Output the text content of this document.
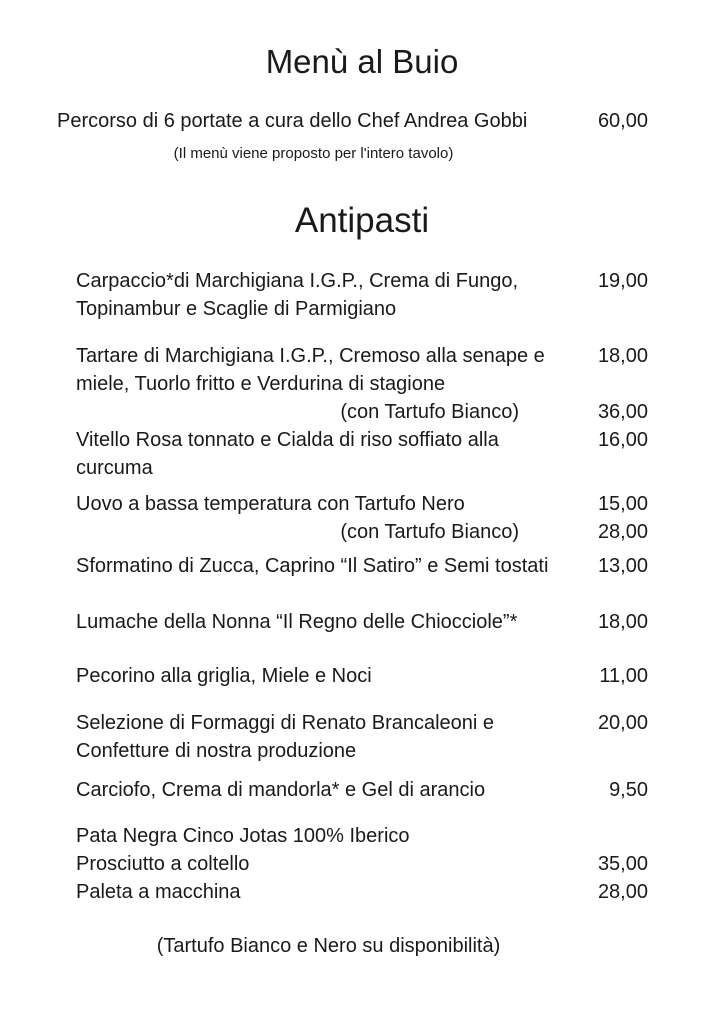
Menù al Buio
Percorso di 6 portate a cura dello Chef Andrea Gobbi	60,00
(Il menù viene proposto per l'intero tavolo)
Antipasti
Carpaccio*di Marchigiana I.G.P., Crema di Fungo,
Topinambur e Scaglie di Parmigiano
19,00
Tartare di Marchigiana I.G.P., Cremoso alla senape e
miele, Tuorlo fritto e Verdurina di stagione
18,00
(con Tartufo Bianco)	36,00
Vitello Rosa tonnato e Cialda di riso soffiato alla
curcuma
16,00
Uovo a bassa temperatura con Tartufo Nero	15,00
(con Tartufo Bianco)	28,00
Sformatino di Zucca, Caprino “Il Satiro” e Semi tostati	13,00
Lumache della Nonna “Il Regno delle Chiocciole”*	18,00
Pecorino alla griglia, Miele e Noci	11,00
Selezione di Formaggi di Renato Brancaleoni e
Confetture di nostra produzione
20,00
Carciofo, Crema di mandorla* e Gel di arancio	9,50
Pata Negra Cinco Jotas 100% Iberico
Prosciutto a coltello	35,00
Paleta a macchina	28,00
(Tartufo Bianco e Nero su disponibilità)
